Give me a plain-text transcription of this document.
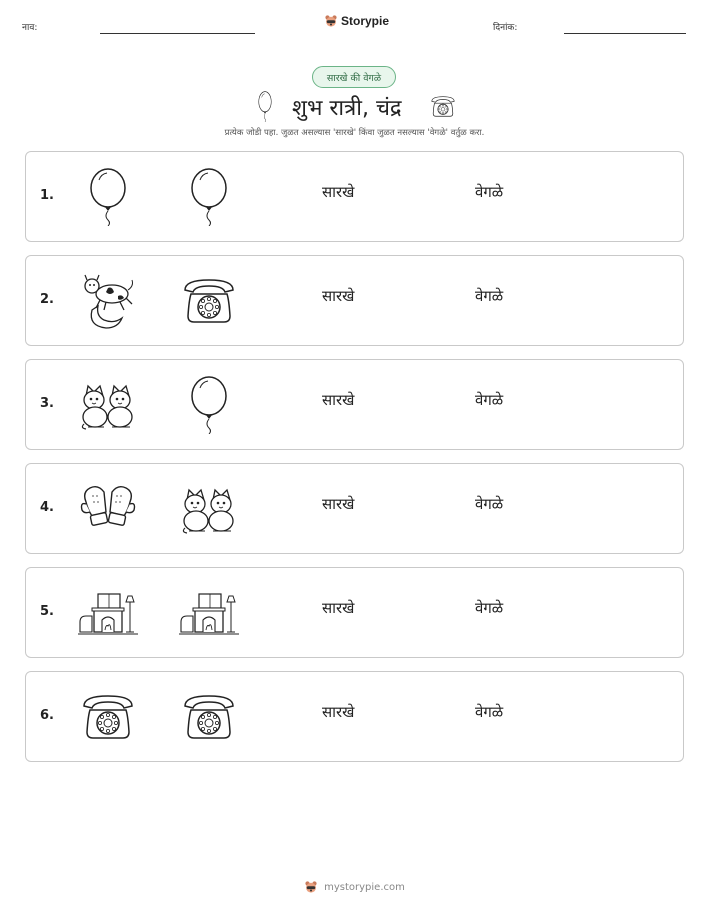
नाव:	Storypie	दिनांक:
सारखे की वेगळे
शुभ रात्री, चंद्र
प्रत्येक जोडी पहा. जुळत असल्यास 'सारखे' किंवा जुळत नसल्यास 'वेगळे' वर्तुळ करा.
1.	सारखे	वेगळे
2.	सारखे	वेगळे
3.	सारखे	वेगळे
4.	सारखे	वेगळे
5.	सारखे	वेगळे
6.	सारखे	वेगळे
mystorypie.com
